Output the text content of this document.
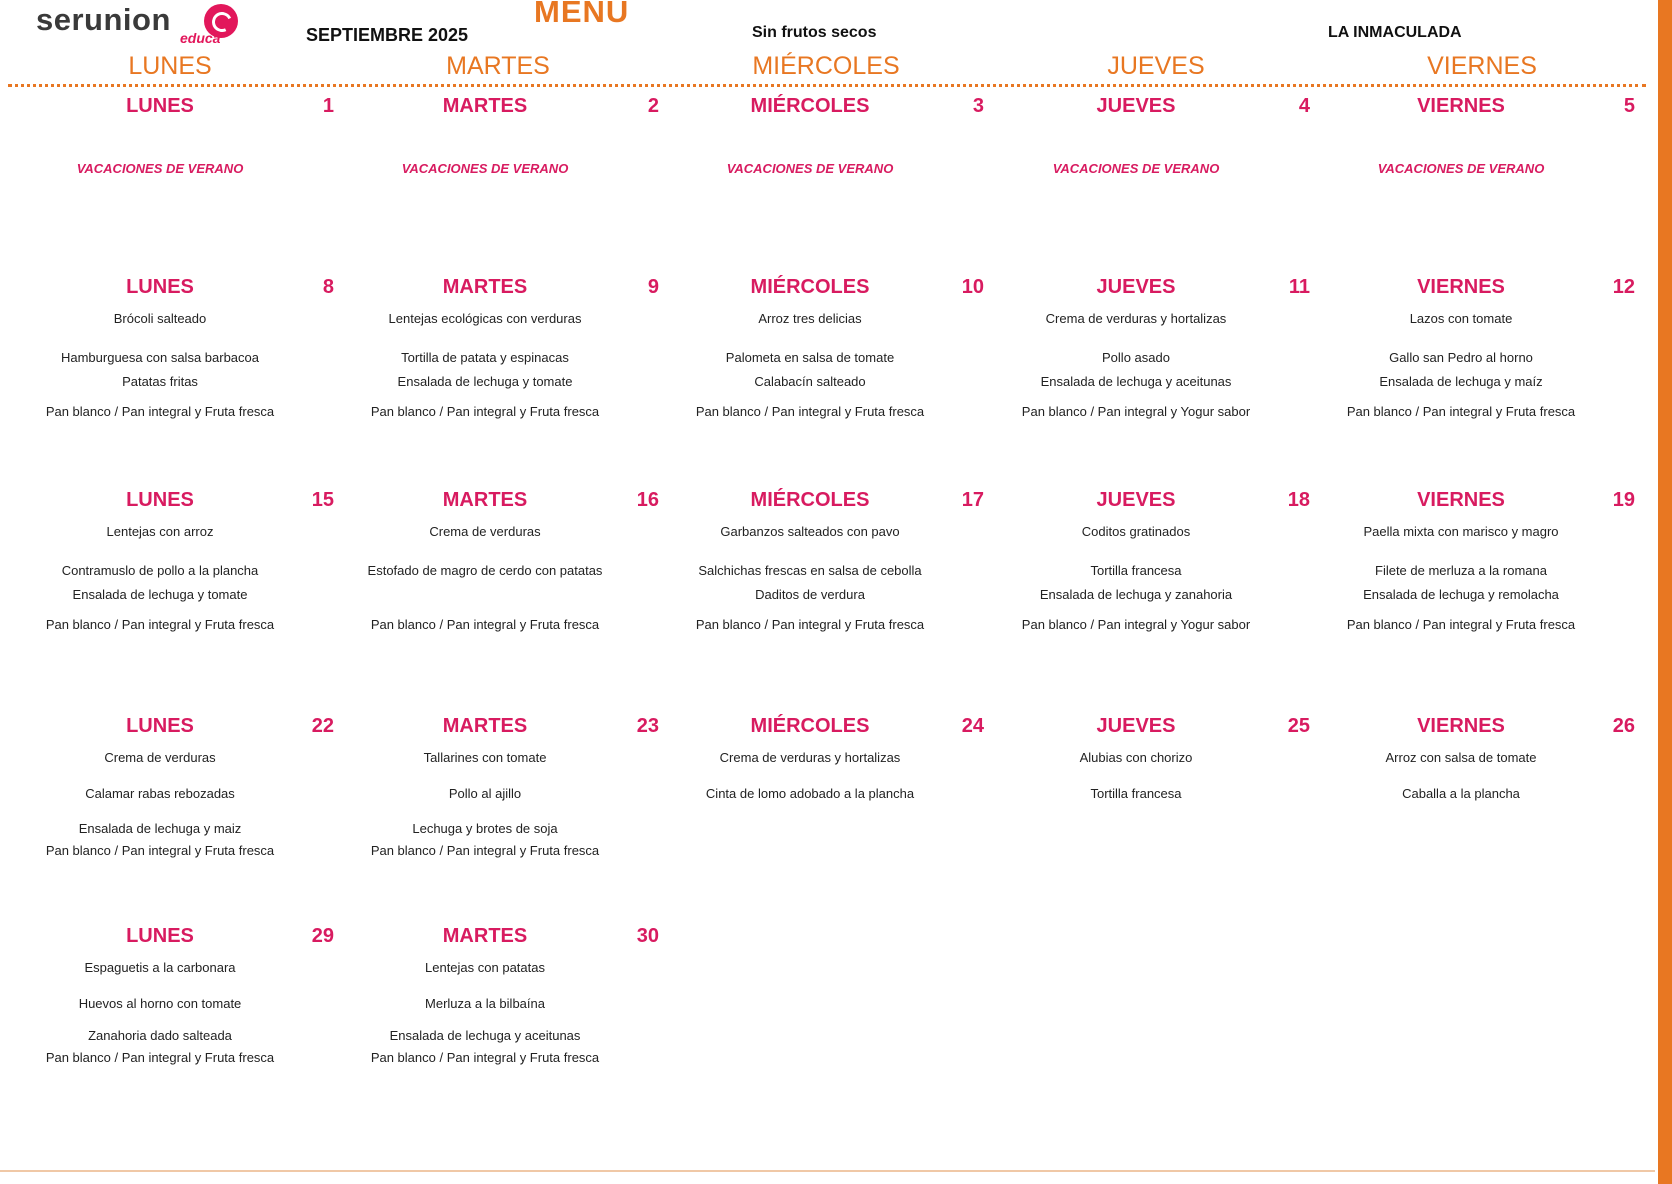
serunion
educa	SEPTIEMBRE 2025
MENU
Sin frutos secos	LA INMACULADA
LUNES	MARTES	MIÉRCOLES	JUEVES	VIERNES
LUNES	1
VACACIONES DE VERANO
MARTES	2
VACACIONES DE VERANO
MIÉRCOLES	3
VACACIONES DE VERANO
JUEVES	4
VACACIONES DE VERANO
VIERNES	5
VACACIONES DE VERANO
LUNES	8
Brócoli salteado
Hamburguesa con salsa barbacoa
Patatas fritas
Pan blanco / Pan integral y Fruta fresca
MARTES	9
Lentejas ecológicas con verduras
Tortilla de patata y espinacas
Ensalada de lechuga y tomate
Pan blanco / Pan integral y Fruta fresca
MIÉRCOLES	10
Arroz tres delicias
Palometa en salsa de tomate
Calabacín salteado
Pan blanco / Pan integral y Fruta fresca
JUEVES	11
Crema de verduras y hortalizas
Pollo asado
Ensalada de lechuga y aceitunas
Pan blanco / Pan integral y Yogur sabor
VIERNES	12
Lazos con tomate
Gallo san Pedro al horno
Ensalada de lechuga y maíz
Pan blanco / Pan integral y Fruta fresca
LUNES	15
Lentejas con arroz
Contramuslo de pollo a la plancha
Ensalada de lechuga y tomate
Pan blanco / Pan integral y Fruta fresca
MARTES	16
Crema de verduras
Estofado de magro de cerdo con patatas
Pan blanco / Pan integral y Fruta fresca
MIÉRCOLES	17
Garbanzos salteados con pavo
Salchichas frescas en salsa de cebolla
Daditos de verdura
Pan blanco / Pan integral y Fruta fresca
JUEVES	18
Coditos gratinados
Tortilla francesa
Ensalada de lechuga y zanahoria
Pan blanco / Pan integral y Yogur sabor
VIERNES	19
Paella mixta con marisco y magro
Filete de merluza a la romana
Ensalada de lechuga y remolacha
Pan blanco / Pan integral y Fruta fresca
LUNES	22
Crema de verduras
Calamar rabas rebozadas
Ensalada de lechuga y maiz
Pan blanco / Pan integral y Fruta fresca
MARTES	23
Tallarines con tomate
Pollo al ajillo
Lechuga y brotes de soja
Pan blanco / Pan integral y Fruta fresca
MIÉRCOLES	24
Crema de verduras y hortalizas
Cinta de lomo adobado a la plancha
JUEVES	25
Alubias con chorizo
Tortilla francesa
VIERNES	26
Arroz con salsa de tomate
Caballa a la plancha
LUNES	29
Espaguetis a la carbonara
Huevos al horno con tomate
Zanahoria dado salteada
Pan blanco / Pan integral y Fruta fresca
MARTES	30
Lentejas con patatas
Merluza a la bilbaína
Ensalada de lechuga y aceitunas
Pan blanco / Pan integral y Fruta fresca
